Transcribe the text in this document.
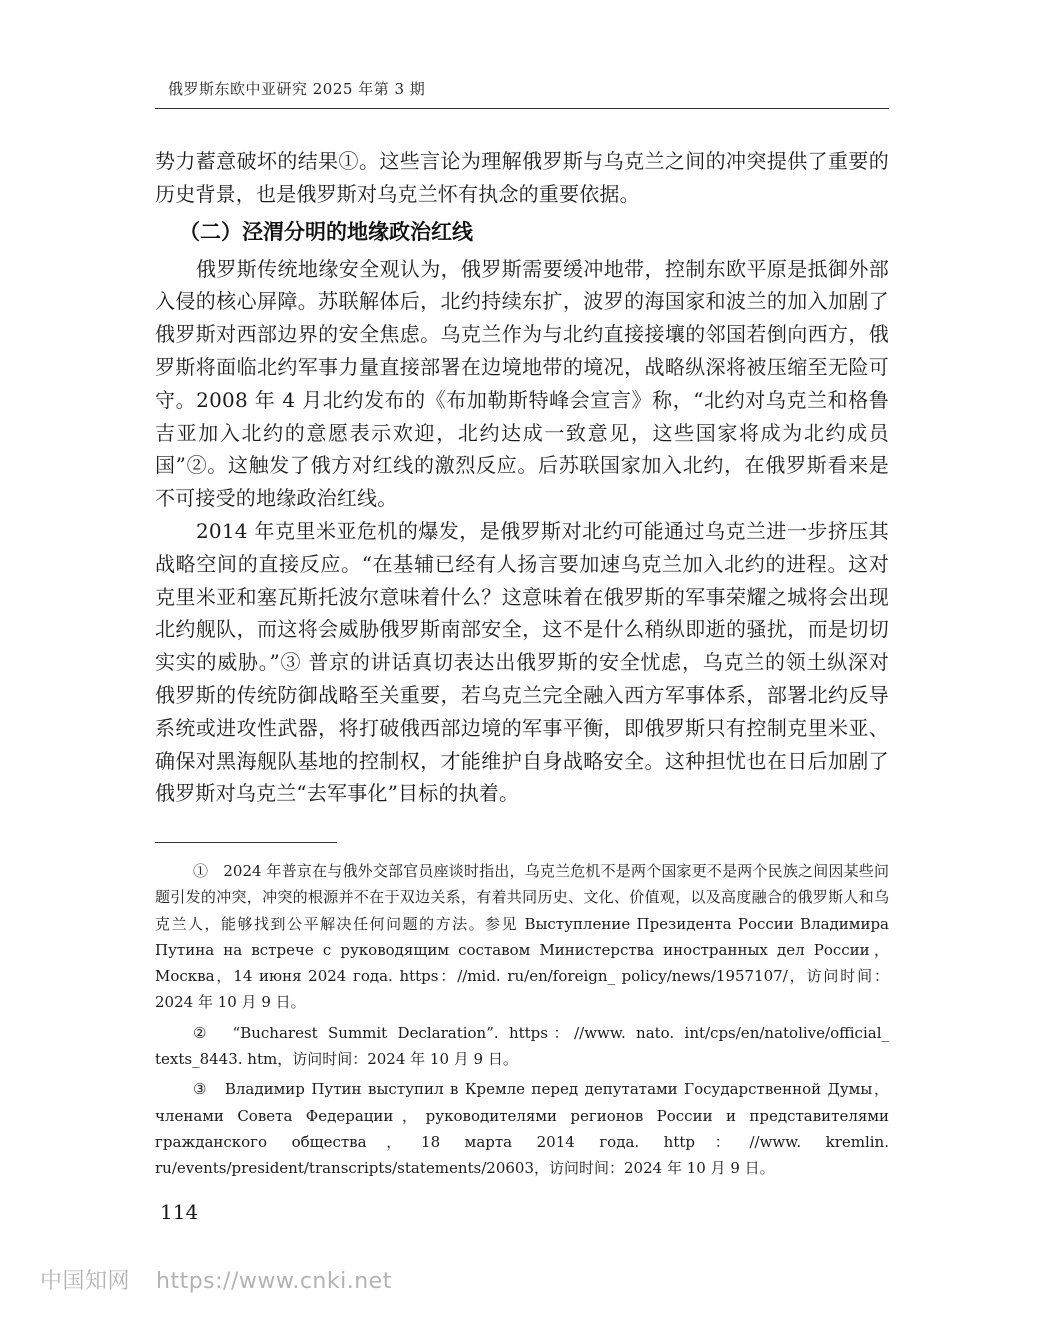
俄罗斯东欧中亚研究 2025 年第 3 期

势力蓄意破坏的结果①。这些言论为理解俄罗斯与乌克兰之间的冲突提供了重要的历史背景，也是俄罗斯对乌克兰怀有执念的重要依据。

（二）泾渭分明的地缘政治红线

俄罗斯传统地缘安全观认为，俄罗斯需要缓冲地带，控制东欧平原是抵御外部入侵的核心屏障。苏联解体后，北约持续东扩，波罗的海国家和波兰的加入加剧了俄罗斯对西部边界的安全焦虑。乌克兰作为与北约直接接壤的邻国若倒向西方，俄罗斯将面临北约军事力量直接部署在边境地带的境况，战略纵深将被压缩至无险可守。2008 年 4 月北约发布的《布加勒斯特峰会宣言》称，“北约对乌克兰和格鲁吉亚加入北约的意愿表示欢迎，北约达成一致意见，这些国家将成为北约成员国”②。这触发了俄方对红线的激烈反应。后苏联国家加入北约，在俄罗斯看来是不可接受的地缘政治红线。

2014 年克里米亚危机的爆发，是俄罗斯对北约可能通过乌克兰进一步挤压其战略空间的直接反应。“在基辅已经有人扬言要加速乌克兰加入北约的进程。这对克里米亚和塞瓦斯托波尔意味着什么？这意味着在俄罗斯的军事荣耀之城将会出现北约舰队，而这将会威胁俄罗斯南部安全，这不是什么稍纵即逝的骚扰，而是切切实实的威胁。”③ 普京的讲话真切表达出俄罗斯的安全忧虑，乌克兰的领土纵深对俄罗斯的传统防御战略至关重要，若乌克兰完全融入西方军事体系，部署北约反导系统或进攻性武器，将打破俄西部边境的军事平衡，即俄罗斯只有控制克里米亚、确保对黑海舰队基地的控制权，才能维护自身战略安全。这种担忧也在日后加剧了俄罗斯对乌克兰“去军事化”目标的执着。

①　2024 年普京在与俄外交部官员座谈时指出，乌克兰危机不是两个国家更不是两个民族之间因某些问题引发的冲突，冲突的根源并不在于双边关系，有着共同历史、文化、价值观，以及高度融合的俄罗斯人和乌克兰人，能够找到公平解决任何问题的方法。参见 Выступление Президента России Владимира Путина на встрече с руководящим составом Министерства иностранных дел России，Москва，14 июня 2024 года. https：//mid. ru/en/foreign_ policy/news/1957107/，访问时间：2024 年 10 月 9 日。

②　“Bucharest Summit Declaration”. https：//www. nato. int/cps/en/natolive/official_ texts_8443. htm，访问时间：2024 年 10 月 9 日。

③　Владимир Путин выступил в Кремле перед депутатами Государственной Думы，членами Совета Федерации，руководителями регионов России и представителями гражданского общества，18 марта 2014 года. http：//www. kremlin. ru/events/president/transcripts/statements/20603，访问时间：2024 年 10 月 9 日。

114
中国知网 https://www.cnki.net
